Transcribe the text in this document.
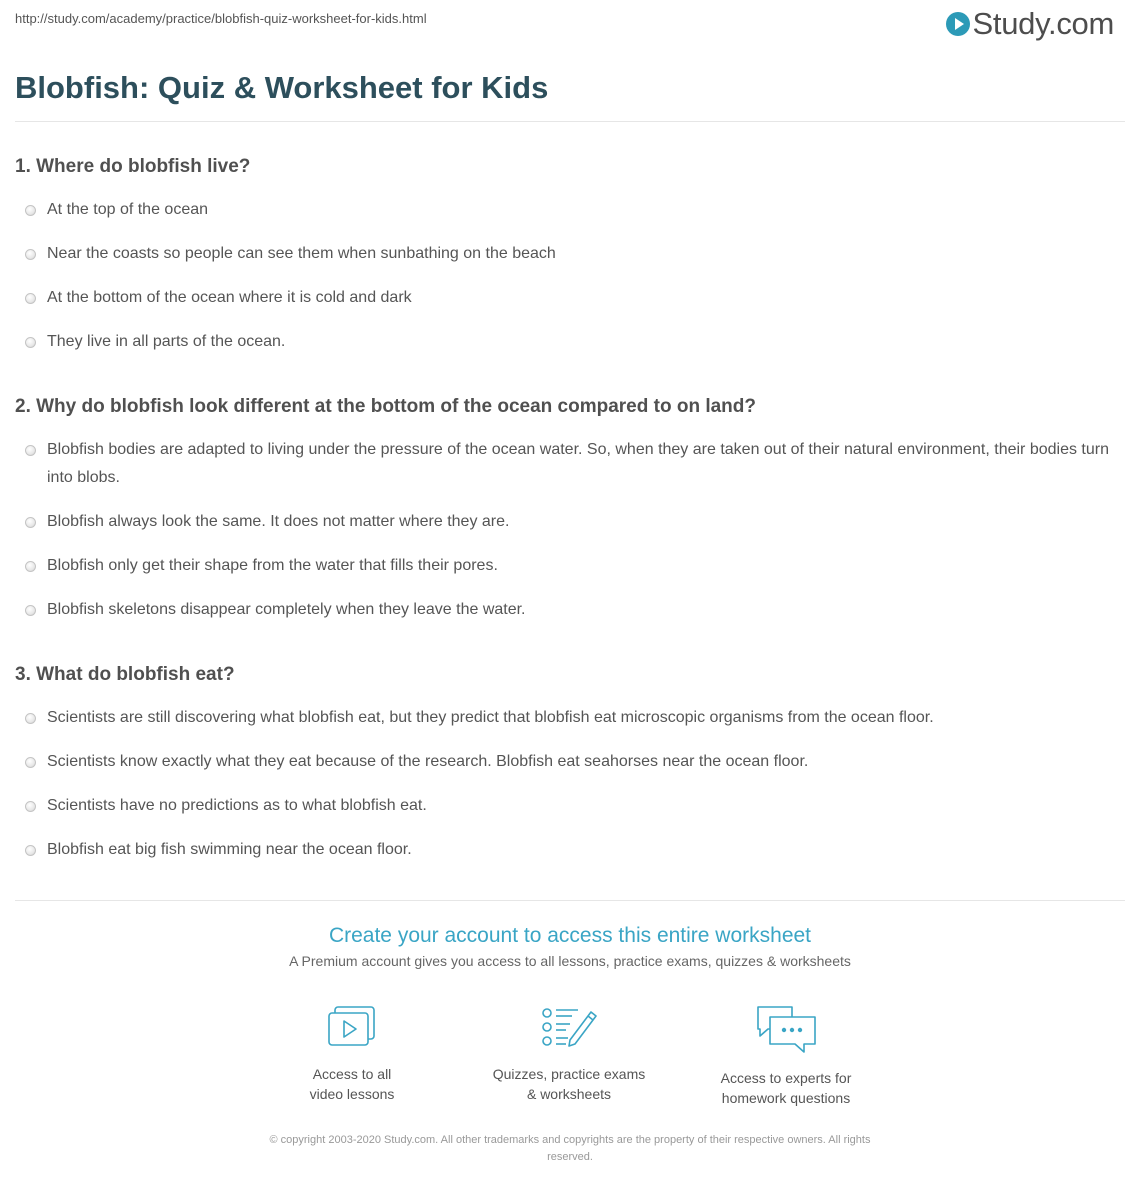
http://study.com/academy/practice/blobfish-quiz-worksheet-for-kids.html	Study.com
Blobfish: Quiz & Worksheet for Kids
1. Where do blobfish live?
At the top of the ocean
Near the coasts so people can see them when sunbathing on the beach
At the bottom of the ocean where it is cold and dark
They live in all parts of the ocean.
2. Why do blobfish look different at the bottom of the ocean compared to on land?
Blobfish bodies are adapted to living under the pressure of the ocean water. So, when they are taken out of their natural environment, their bodies turn into blobs.
Blobfish always look the same. It does not matter where they are.
Blobfish only get their shape from the water that fills their pores.
Blobfish skeletons disappear completely when they leave the water.
3. What do blobfish eat?
Scientists are still discovering what blobfish eat, but they predict that blobfish eat microscopic organisms from the ocean floor.
Scientists know exactly what they eat because of the research. Blobfish eat seahorses near the ocean floor.
Scientists have no predictions as to what blobfish eat.
Blobfish eat big fish swimming near the ocean floor.
Create your account to access this entire worksheet
A Premium account gives you access to all lessons, practice exams, quizzes & worksheets
Access to all
video lessons
Quizzes, practice exams
& worksheets
Access to experts for
homework questions
© copyright 2003-2020 Study.com. All other trademarks and copyrights are the property of their respective owners. All rights
reserved.
